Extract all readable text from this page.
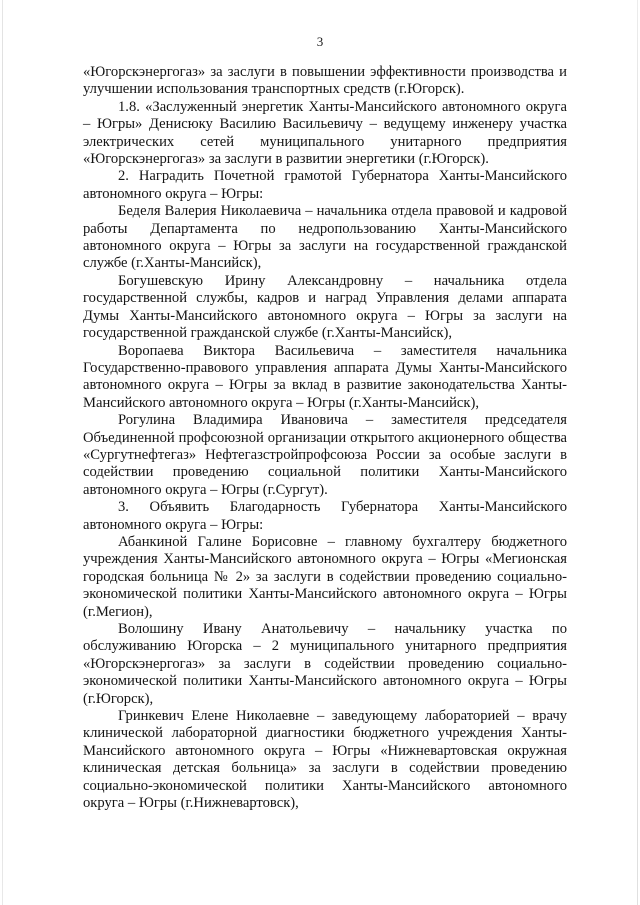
3

«Югорскэнергогаз» за заслуги в повышении эффективности производства и улучшении использования транспортных средств (г.Югорск).

1.8. «Заслуженный энергетик Ханты-Мансийского автономного округа – Югры» Денисюку Василию Васильевичу – ведущему инженеру участка электрических сетей муниципального унитарного предприятия «Югорскэнергогаз» за заслуги в развитии энергетики (г.Югорск).

2. Наградить Почетной грамотой Губернатора Ханты-Мансийского автономного округа – Югры:

Беделя Валерия Николаевича – начальника отдела правовой и кадровой работы Департамента по недропользованию Ханты-Мансийского автономного округа – Югры за заслуги на государственной гражданской службе (г.Ханты-Мансийск),

Богушевскую Ирину Александровну – начальника отдела государственной службы, кадров и наград Управления делами аппарата Думы Ханты-Мансийского автономного округа – Югры за заслуги на государственной гражданской службе (г.Ханты-Мансийск),

Воропаева Виктора Васильевича – заместителя начальника Государственно-правового управления аппарата Думы Ханты-Мансийского автономного округа – Югры за вклад в развитие законодательства Ханты-Мансийского автономного округа – Югры (г.Ханты-Мансийск),

Рогулина Владимира Ивановича – заместителя председателя Объединенной профсоюзной организации открытого акционерного общества «Сургутнефтегаз» Нефтегазстройпрофсоюза России за особые заслуги в содействии проведению социальной политики Ханты-Мансийского автономного округа – Югры (г.Сургут).

3. Объявить Благодарность Губернатора Ханты-Мансийского автономного округа – Югры:

Абанкиной Галине Борисовне – главному бухгалтеру бюджетного учреждения Ханты-Мансийского автономного округа – Югры «Мегионская городская больница № 2» за заслуги в содействии проведению социально-экономической политики Ханты-Мансийского автономного округа – Югры (г.Мегион),

Волошину Ивану Анатольевичу – начальнику участка по обслуживанию Югорска – 2 муниципального унитарного предприятия «Югорскэнергогаз» за заслуги в содействии проведению социально-экономической политики Ханты-Мансийского автономного округа – Югры (г.Югорск),

Гринкевич Елене Николаевне – заведующему лабораторией – врачу клинической лабораторной диагностики бюджетного учреждения Ханты-Мансийского автономного округа – Югры «Нижневартовская окружная клиническая детская больница» за заслуги в содействии проведению социально-экономической политики Ханты-Мансийского автономного округа – Югры (г.Нижневартовск),
